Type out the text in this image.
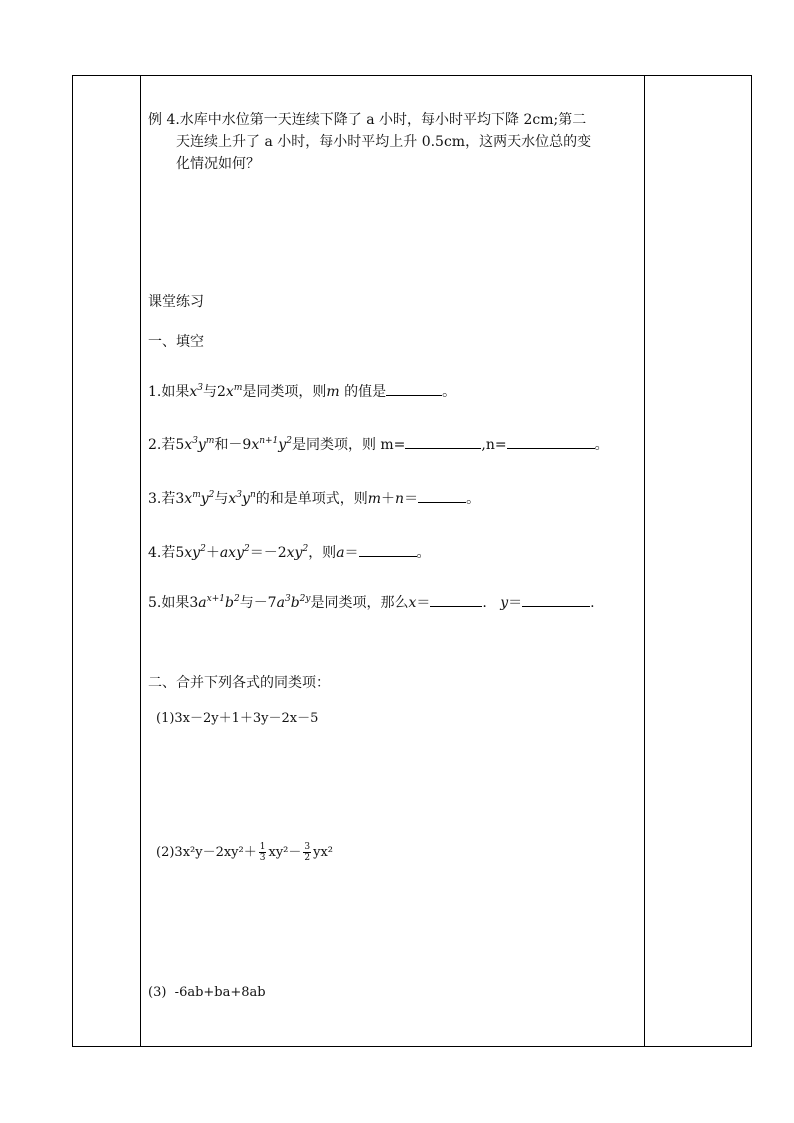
例 4.水库中水位第一天连续下降了 a 小时，每小时平均下降 2cm;第二
天连续上升了 a 小时，每小时平均上升 0.5cm，这两天水位总的变
化情况如何？
课堂练习
一、填空
1.如果$x^3$与$2x^m$是同类项，则m 的值是	。
2.若$5x^3y^m$和$-9x^{n+1}y^2$是同类项，则 m=	,n=	。
3.若$3x^my^2$与$x^3y^n$的和是单项式，则m＋n＝	。
4.若$5xy^2+axy^2=-2xy^2$，则a＝	。
5.如果$3a^{x+1}b^2$与$-7a^3b^{2y}$是同类项，那么x＝	. y＝	.
二、合并下列各式的同类项：
(1)3x－2y＋1＋3y－2x－5
$(2)3x^2y-2xy^2+ \frac{1}{3} xy^2- \frac{3}{2} yx^2$
(3)  -6ab+ba+8ab
